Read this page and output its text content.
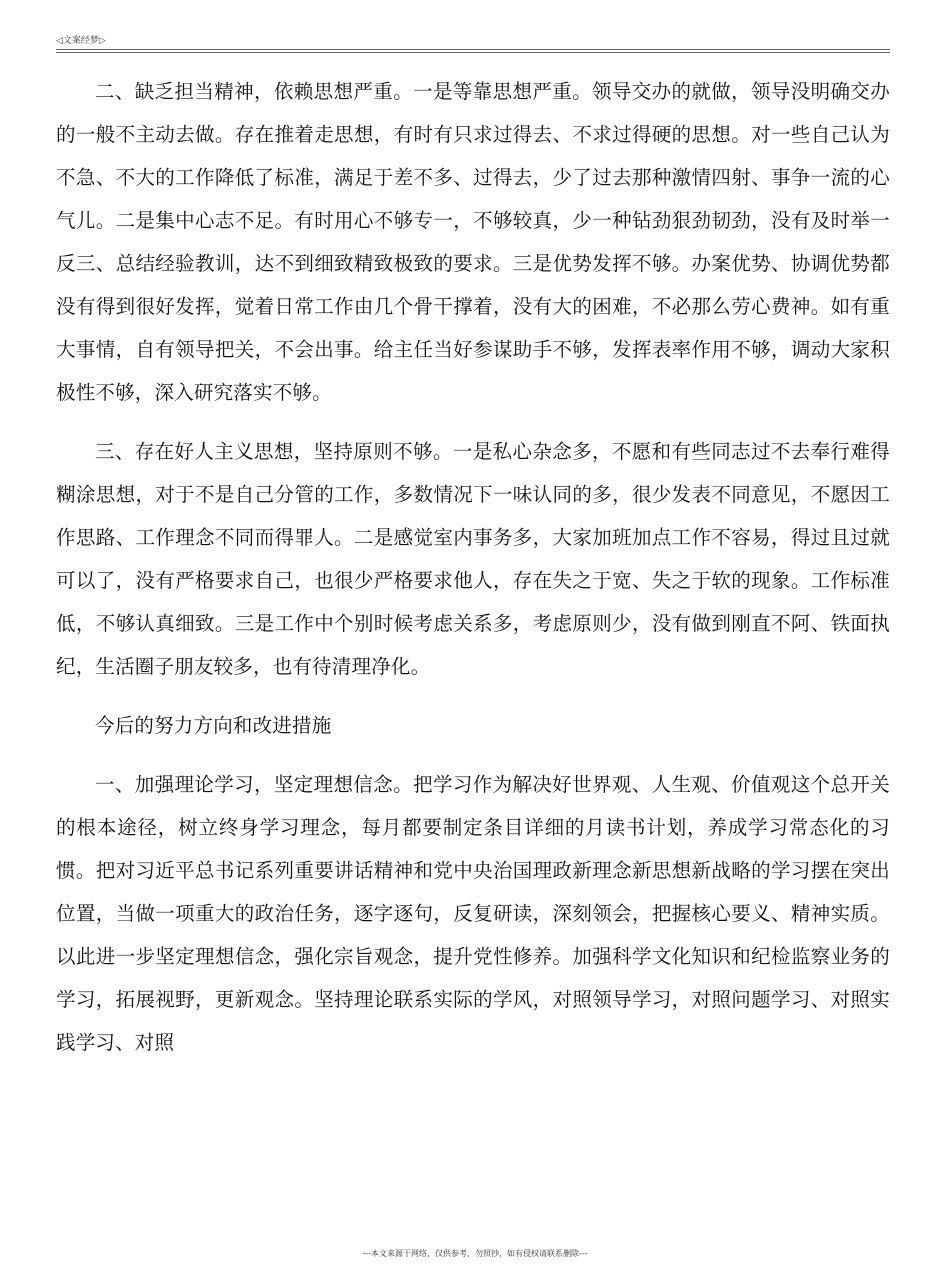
◁文案经梦▷

二、缺乏担当精神，依赖思想严重。一是等靠思想严重。领导交办的就做，领导没明确交办的一般不主动去做。存在推着走思想，有时有只求过得去、不求过得硬的思想。对一些自己认为不急、不大的工作降低了标准，满足于差不多、过得去，少了过去那种激情四射、事争一流的心气儿。二是集中心志不足。有时用心不够专一，不够较真，少一种钻劲狠劲韧劲，没有及时举一反三、总结经验教训，达不到细致精致极致的要求。三是优势发挥不够。办案优势、协调优势都没有得到很好发挥，觉着日常工作由几个骨干撑着，没有大的困难，不必那么劳心费神。如有重大事情，自有领导把关，不会出事。给主任当好参谋助手不够，发挥表率作用不够，调动大家积极性不够，深入研究落实不够。

三、存在好人主义思想，坚持原则不够。一是私心杂念多，不愿和有些同志过不去奉行难得糊涂思想，对于不是自己分管的工作，多数情况下一味认同的多，很少发表不同意见，不愿因工作思路、工作理念不同而得罪人。二是感觉室内事务多，大家加班加点工作不容易，得过且过就可以了，没有严格要求自己，也很少严格要求他人，存在失之于宽、失之于软的现象。工作标准低，不够认真细致。三是工作中个别时候考虑关系多，考虑原则少，没有做到刚直不阿、铁面执纪，生活圈子朋友较多，也有待清理净化。

今后的努力方向和改进措施

一、加强理论学习，坚定理想信念。把学习作为解决好世界观、人生观、价值观这个总开关的根本途径，树立终身学习理念，每月都要制定条目详细的月读书计划，养成学习常态化的习惯。把对习近平总书记系列重要讲话精神和党中央治国理政新理念新思想新战略的学习摆在突出位置，当做一项重大的政治任务，逐字逐句，反复研读，深刻领会，把握核心要义、精神实质。以此进一步坚定理想信念，强化宗旨观念，提升党性修养。加强科学文化知识和纪检监察业务的学习，拓展视野，更新观念。坚持理论联系实际的学风，对照领导学习，对照问题学习、对照实践学习、对照

---本文来源于网络，仅供参考，勿照抄，如有侵权请联系删除---
